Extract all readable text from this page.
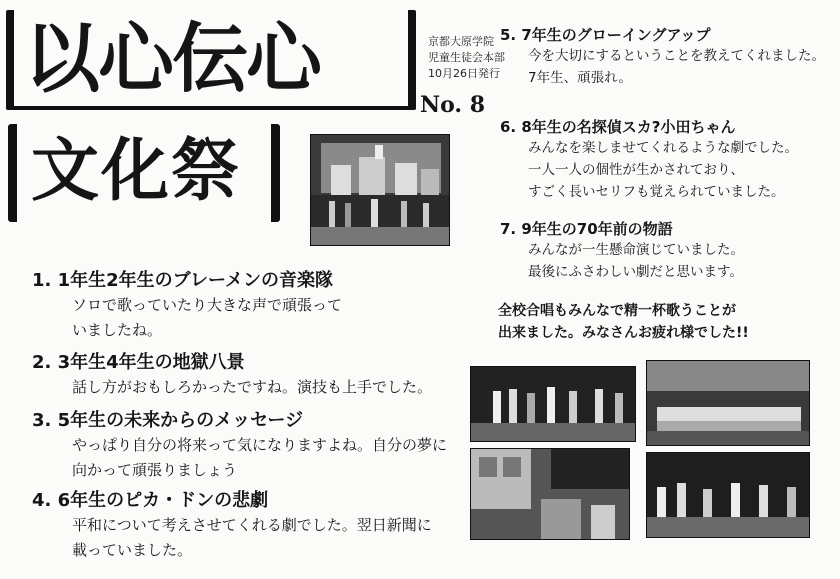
以心伝心	京都大原学院
児童生徒会本部
10月26日発行
No. 8
文化祭
1. 1年生2年生のブレーメンの音楽隊
ソロで歌っていたり大きな声で頑張って
いましたね。
2. 3年生4年生の地獄八景
話し方がおもしろかったですね。演技も上手でした。
3. 5年生の未来からのメッセージ
やっぱり自分の将来って気になりますよね。自分の夢に
向かって頑張りましょう
4. 6年生のピカ・ドンの悲劇
平和について考えさせてくれる劇でした。翌日新聞に
載っていました。
5. 7年生のグローイングアップ
今を大切にするということを教えてくれました。
7年生、頑張れ。
6. 8年生の名探偵スカ?小田ちゃん
みんなを楽しませてくれるような劇でした。
一人一人の個性が生かされており、
すごく長いセリフも覚えられていました。
7. 9年生の70年前の物語
みんなが一生懸命演じていました。
最後にふさわしい劇だと思います。
全校合唱もみんなで精一杯歌うことが
出来ました。みなさんお疲れ様でした!!
